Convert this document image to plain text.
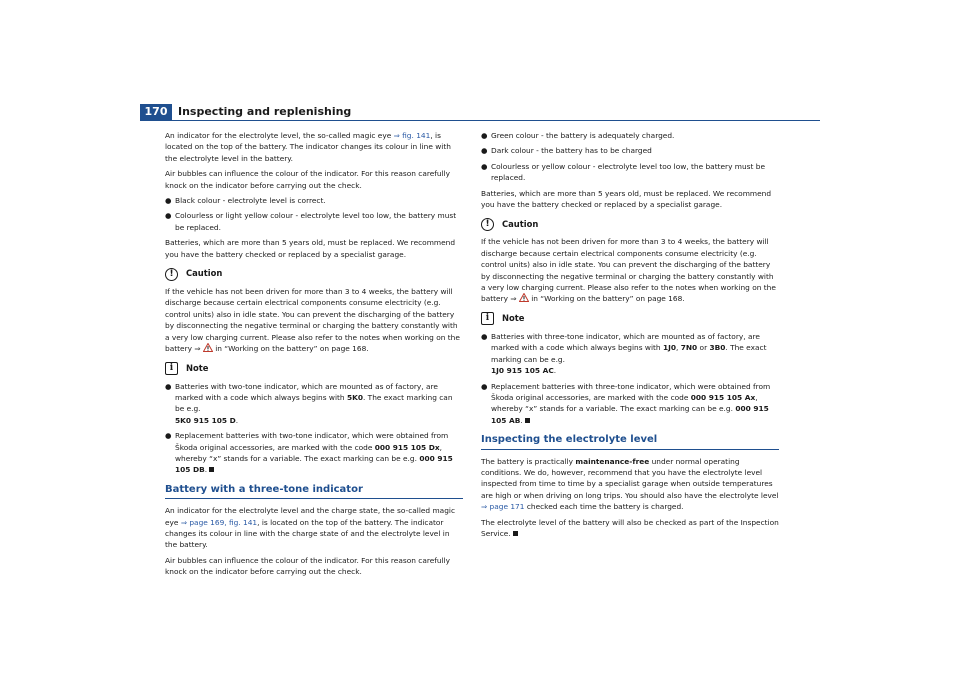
170 Inspecting and replenishing

An indicator for the electrolyte level, the so-called magic eye ⇒ fig. 141, is located on the top of the battery. The indicator changes its colour in line with the electrolyte level in the battery.

Air bubbles can influence the colour of the indicator. For this reason carefully knock on the indicator before carrying out the check.

● Black colour - electrolyte level is correct.
● Colourless or light yellow colour - electrolyte level too low, the battery must be replaced.

Batteries, which are more than 5 years old, must be replaced. We recommend you have the battery checked or replaced by a specialist garage.

!	Caution

If the vehicle has not been driven for more than 3 to 4 weeks, the battery will discharge because certain electrical components consume electricity (e.g. control units) also in idle state. You can prevent the discharging of the battery by disconnecting the negative terminal or charging the battery constantly with a very low charging current. Please also refer to the notes when working on the battery ⇒  in “Working on the battery” on page 168.

i	Note
● Batteries with two-tone indicator, which are mounted as of factory, are marked with a code which always begins with 5K0. The exact marking can be e.g.
5K0 915 105 D.
● Replacement batteries with two-tone indicator, which were obtained from Škoda original accessories, are marked with the code 000 915 105 Dx, whereby “x” stands for a variable. The exact marking can be e.g. 000 915 105 DB.
Battery with a three-tone indicator

An indicator for the electrolyte level and the charge state, the so-called magic eye ⇒ page 169, fig. 141, is located on the top of the battery. The indicator changes its colour in line with the charge state of and the electrolyte level in the battery.

Air bubbles can influence the colour of the indicator. For this reason carefully knock on the indicator before carrying out the check.

● Green colour - the battery is adequately charged.
● Dark colour - the battery has to be charged
● Colourless or yellow colour - electrolyte level too low, the battery must be replaced.

Batteries, which are more than 5 years old, must be replaced. We recommend you have the battery checked or replaced by a specialist garage.

!	Caution

If the vehicle has not been driven for more than 3 to 4 weeks, the battery will discharge because certain electrical components consume electricity (e.g. control units) also in idle state. You can prevent the discharging of the battery by disconnecting the negative terminal or charging the battery constantly with a very low charging current. Please also refer to the notes when working on the battery ⇒  in “Working on the battery” on page 168.

i	Note
● Batteries with three-tone indicator, which are mounted as of factory, are marked with a code which always begins with 1J0, 7N0 or 3B0. The exact marking can be e.g.
1J0 915 105 AC.
● Replacement batteries with three-tone indicator, which were obtained from Škoda original accessories, are marked with the code 000 915 105 Ax, whereby “x” stands for a variable. The exact marking can be e.g. 000 915 105 AB.
Inspecting the electrolyte level

The battery is practically maintenance-free under normal operating conditions. We do, however, recommend that you have the electrolyte level inspected from time to time by a specialist garage when outside temperatures are high or when driving on long trips. You should also have the electrolyte level ⇒ page 171 checked each time the battery is charged.

The electrolyte level of the battery will also be checked as part of the Inspection Service.
